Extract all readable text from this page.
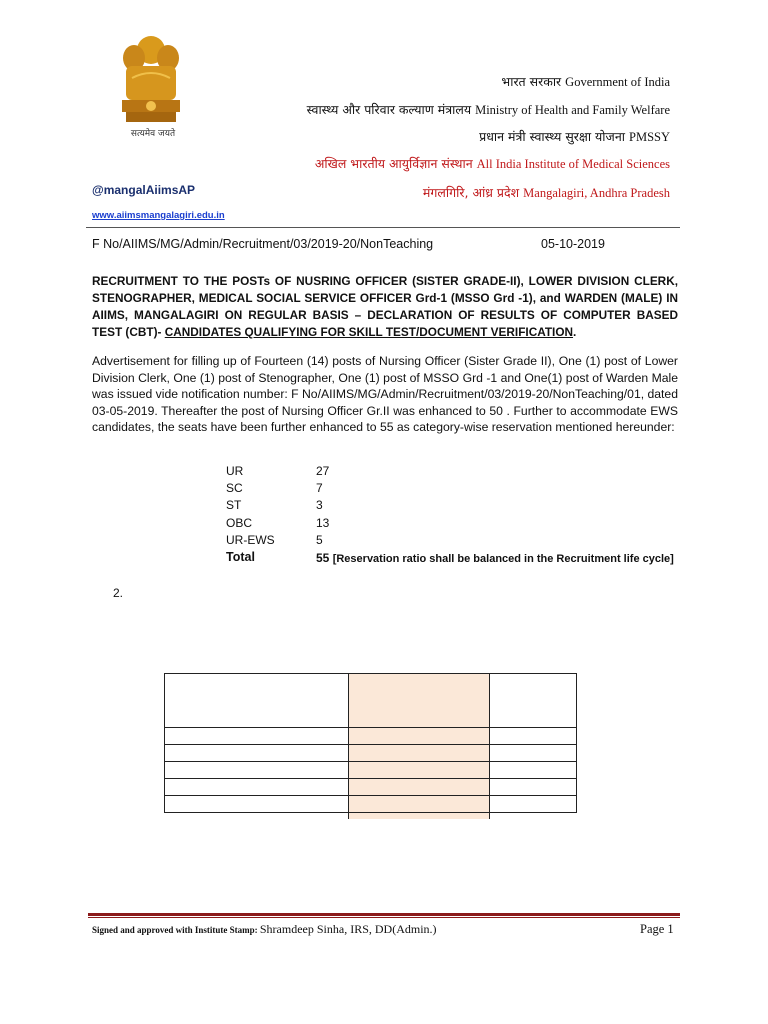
सत्यमेव जयते
भारत सरकार Government of India
स्वास्थ्य और परिवार कल्याण मंत्रालय Ministry of Health and Family Welfare
प्रधान मंत्री स्वास्थ्य सुरक्षा योजना PMSSY
अखिल भारतीय आयुर्विज्ञान संस्थान All India Institute of Medical Sciences
मंगलगिरि, आंध्र प्रदेश Mangalagiri, Andhra Pradesh
@mangalAiimsAP
www.aiimsmangalagiri.edu.in
F No/AIIMS/MG/Admin/Recruitment/03/2019-20/NonTeaching	05-10-2019
RECRUITMENT TO THE POSTs OF NUSRING OFFICER (SISTER GRADE-II), LOWER DIVISION CLERK, STENOGRAPHER, MEDICAL SOCIAL SERVICE OFFICER Grd-1 (MSSO Grd -1), and WARDEN (MALE) IN AIIMS, MANGALAGIRI ON REGULAR BASIS – DECLARATION OF RESULTS OF COMPUTER BASED TEST (CBT)- CANDIDATES QUALIFYING FOR SKILL TEST/DOCUMENT VERIFICATION.
Advertisement for filling up of Fourteen (14) posts of Nursing Officer (Sister Grade II), One (1) post of Lower Division Clerk, One (1) post of Stenographer, One (1) post of MSSO Grd -1 and One(1) post of Warden Male was issued vide notification number: F No/AIIMS/MG/Admin/Recruitment/03/2019-20/NonTeaching/01, dated 03-05-2019. Thereafter the post of Nursing Officer Gr.II was enhanced to 50 . Further to accommodate EWS candidates, the seats have been further enhanced to 55 as category-wise reservation mentioned hereunder:
UR	27
SC	7
ST	3
OBC	13
UR-EWS	5
Total	55 [Reservation ratio shall be balanced in the Recruitment life cycle]
2.

Signed and approved with Institute Stamp: Shramdeep Sinha, IRS, DD(Admin.)	Page 1
